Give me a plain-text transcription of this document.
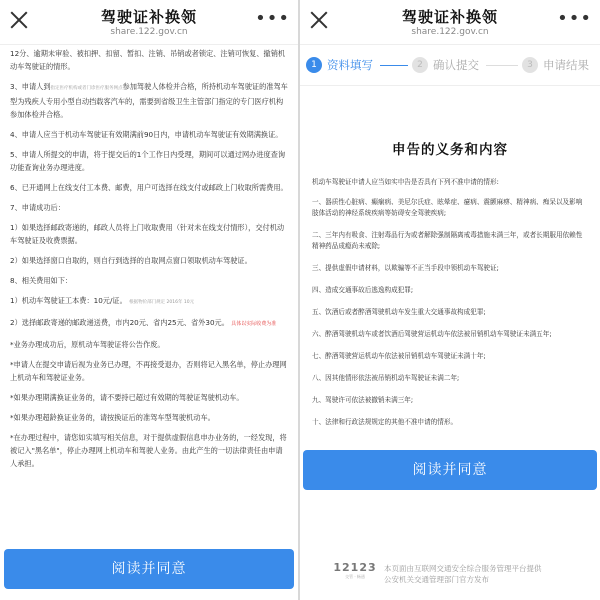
驾驶证补换领
share.122.gov.cn
•••

12分、逾期未审验、被扣押、扣留、暂扣、注销、吊销或者锁定、注销可恢复、撤销机动车驾驶证的情形。

3、申请人到指定医疗机构或者门诊医疗服务网点参加驾驶人体检并合格，所持机动车驾驶证的准驾车型为残疾人专用小型自动挡载客汽车的，需要到省级卫生主管部门指定的专门医疗机构参加体检并合格。

4、申请人应当于机动车驾驶证有效期满前90日内，申请机动车驾驶证有效期满换证。

5、申请人所提交的申请，将于提交后的1个工作日内受理，期间可以通过网办进度查询功能查询业务办理进度。

6、已开通网上在线支付工本费、邮费，用户可选择在线支付或邮政上门收取所需费用。

7、申请成功后：

1）如果选择邮政寄递的，邮政人员将上门收取费用（针对未在线支付情形），交付机动车驾驶证及收费票据。

2）如果选择窗口自取的，则自行到选择的自取网点窗口领取机动车驾驶证。

8、相关费用如下：

1）机动车驾驶证工本费：10元/证。 根据物价部门规定 2016年 10元

2）选择邮政寄递的邮政递送费，市内20元、省内25元、省外30元。 具体以实际收费为准

*业务办理成功后，原机动车驾驶证将公告作废。

*申请人在提交申请后视为业务已办理，不再接受退办，否则将记入黑名单，停止办理网上机动车和驾驶证业务。

*如果办理期满换证业务的，请不要持已超过有效期的驾驶证驾驶机动车。

*如果办理超龄换证业务的，请按换证后的准驾车型驾驶机动车。

*在办理过程中，请您如实填写相关信息，对于提供虚假信息申办业务的，一经发现，将被记入"黑名单"，停止办理网上机动车和驾驶人业务。由此产生的一切法律责任由申请人承担。

阅读并同意
驾驶证补换领
share.122.gov.cn
•••
1 资料填写	2 确认提交	3 申请结果
申告的义务和内容
机动车驾驶证申请人应当如实申告是否具有下列不准申请的情形:

一、器质性心脏病、癫痫病、美尼尔氏症、眩晕症、癔病、震颤麻痹、精神病、痴呆以及影响肢体活动的神经系统疾病等妨碍安全驾驶疾病;

二、三年内有吸食、注射毒品行为或者解除强制隔离戒毒措施未满三年，或者长期服用依赖性精神药品成瘾尚未戒除;

三、提供虚假申请材料，以欺骗等不正当手段申领机动车驾驶证;

四、造成交通事故后逃逸构成犯罪;

五、饮酒后或者醉酒驾驶机动车发生重大交通事故构成犯罪;

六、醉酒驾驶机动车或者饮酒后驾驶营运机动车依法被吊销机动车驾驶证未满五年;

七、醉酒驾驶营运机动车依法被吊销机动车驾驶证未满十年;

八、因其他情形依法被吊销机动车驾驶证未满二年;

九、驾驶许可依法被撤销未满三年;

十、法律和行政法规规定的其他不准申请的情形。

阅读并同意
12123
交管 · 畅通
本页面由互联网交通安全综合服务管理平台提供
公安机关交通管理部门官方发布
